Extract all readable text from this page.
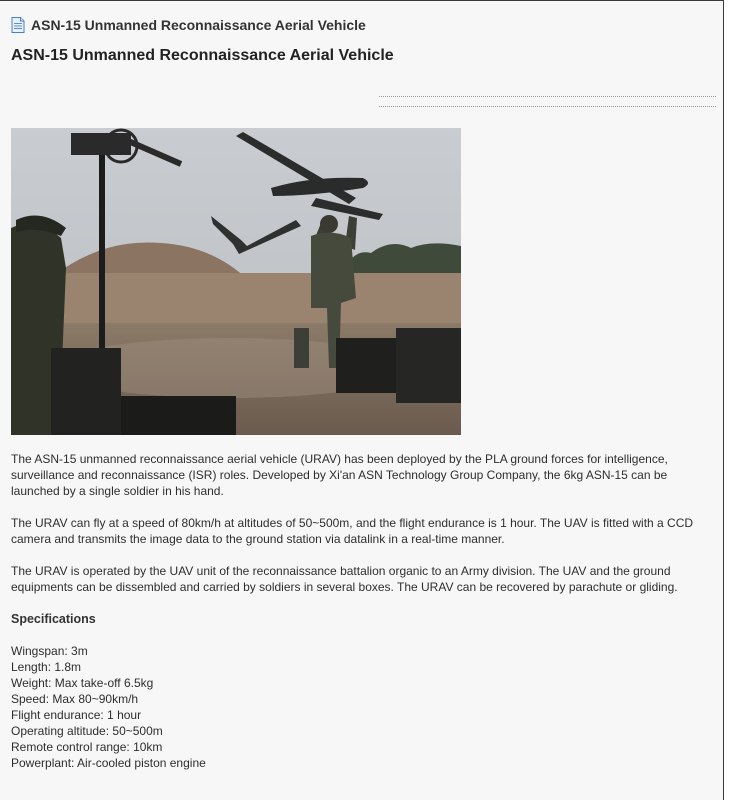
ASN-15 Unmanned Reconnaissance Aerial Vehicle
ASN-15 Unmanned Reconnaissance Aerial Vehicle

The ASN-15 unmanned reconnaissance aerial vehicle (URAV) has been deployed by the PLA ground forces for intelligence, surveillance and reconnaissance (ISR) roles. Developed by Xi'an ASN Technology Group Company, the 6kg ASN-15 can be launched by a single soldier in his hand.

The URAV can fly at a speed of 80km/h at altitudes of 50~500m, and the flight endurance is 1 hour. The UAV is fitted with a CCD camera and transmits the image data to the ground station via datalink in a real-time manner.

The URAV is operated by the UAV unit of the reconnaissance battalion organic to an Army division. The UAV and the ground equipments can be dissembled and carried by soldiers in several boxes. The URAV can be recovered by parachute or gliding.

Specifications
Wingspan: 3m
Length: 1.8m
Weight: Max take-off 6.5kg
Speed: Max 80~90km/h
Flight endurance: 1 hour
Operating altitude: 50~500m
Remote control range: 10km
Powerplant: Air-cooled piston engine
